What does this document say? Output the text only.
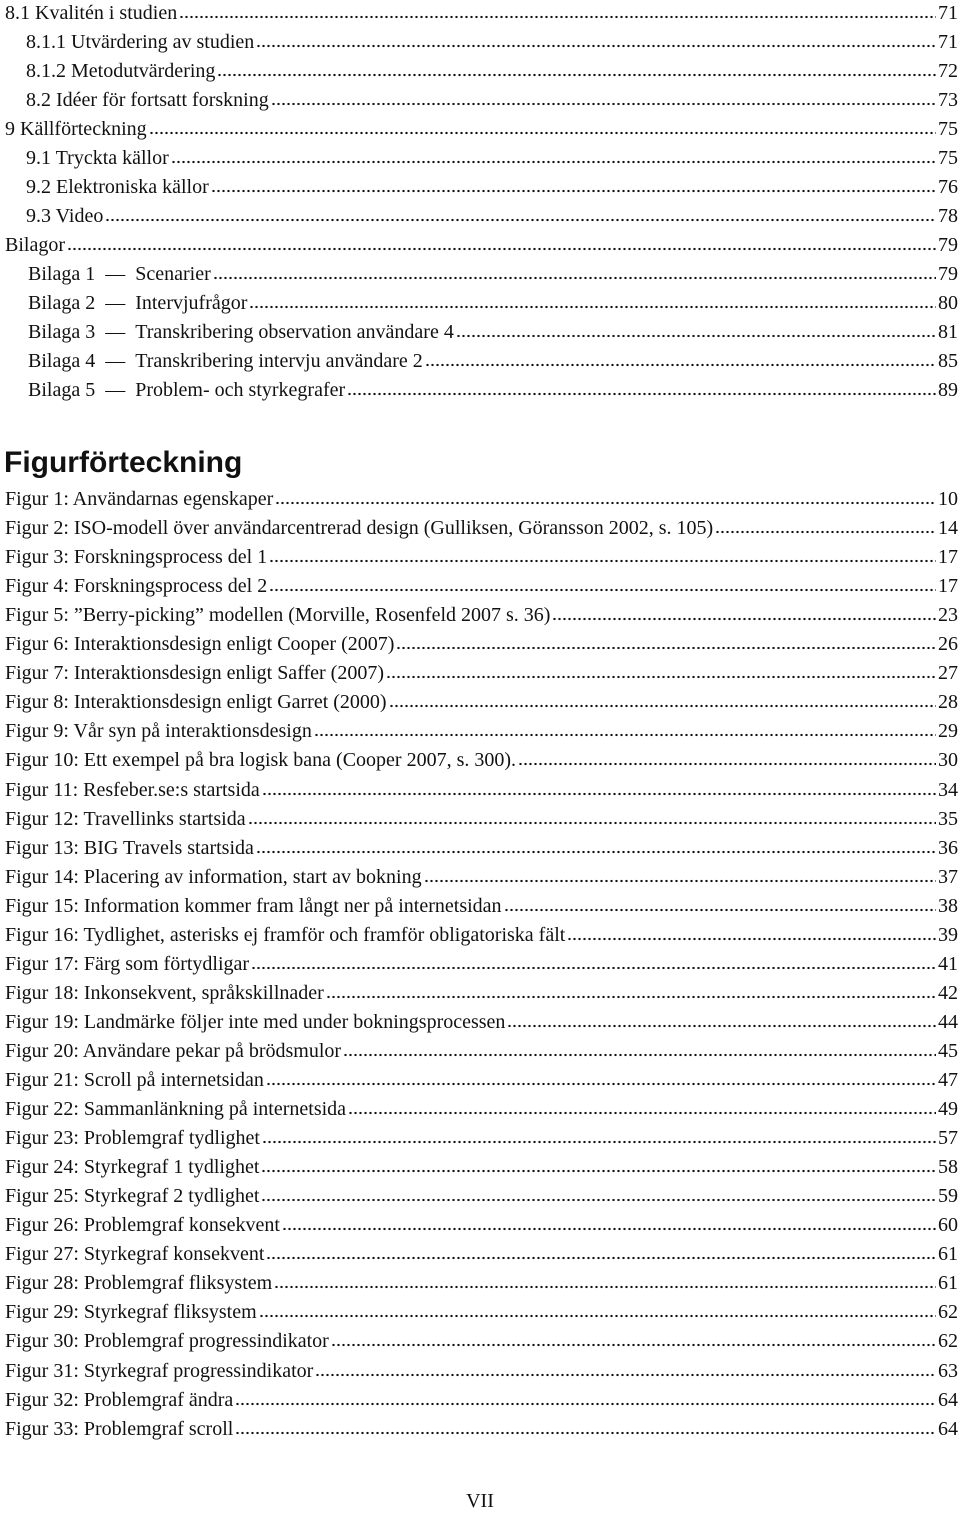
8.1 Kvalitén i studien	71
8.1.1 Utvärdering av studien	71
8.1.2 Metodutvärdering	72
8.2 Idéer för fortsatt forskning	73
9 Källförteckning	75
9.1 Tryckta källor	75
9.2 Elektroniska källor	76
9.3 Video	78
Bilagor	79
Bilaga 1 — Scenarier	79
Bilaga 2 — Intervjufrågor	80
Bilaga 3 — Transkribering observation användare 4	81
Bilaga 4 — Transkribering intervju användare 2	85
Bilaga 5 — Problem- och styrkegrafer	89
Figurförteckning
Figur 1: Användarnas egenskaper	10
Figur 2: ISO-modell över användarcentrerad design (Gulliksen, Göransson 2002, s. 105)	14
Figur 3: Forskningsprocess del 1	17
Figur 4: Forskningsprocess del 2	17
Figur 5: ”Berry-picking” modellen (Morville, Rosenfeld 2007 s. 36)	23
Figur 6: Interaktionsdesign enligt Cooper (2007)	26
Figur 7: Interaktionsdesign enligt Saffer (2007)	27
Figur 8: Interaktionsdesign enligt Garret (2000)	28
Figur 9: Vår syn på interaktionsdesign	29
Figur 10: Ett exempel på bra logisk bana (Cooper 2007, s. 300).	30
Figur 11: Resfeber.se:s startsida	34
Figur 12: Travellinks startsida	35
Figur 13: BIG Travels startsida	36
Figur 14: Placering av information, start av bokning	37
Figur 15: Information kommer fram långt ner på internetsidan	38
Figur 16: Tydlighet, asterisks ej framför och framför obligatoriska fält	39
Figur 17: Färg som förtydligar	41
Figur 18: Inkonsekvent, språkskillnader	42
Figur 19: Landmärke följer inte med under bokningsprocessen	44
Figur 20: Användare pekar på brödsmulor	45
Figur 21: Scroll på internetsidan	47
Figur 22: Sammanlänkning på internetsida	49
Figur 23: Problemgraf tydlighet	57
Figur 24: Styrkegraf 1 tydlighet	58
Figur 25: Styrkegraf 2 tydlighet	59
Figur 26: Problemgraf konsekvent	60
Figur 27: Styrkegraf konsekvent	61
Figur 28: Problemgraf fliksystem	61
Figur 29: Styrkegraf fliksystem	62
Figur 30: Problemgraf progressindikator	62
Figur 31: Styrkegraf progressindikator	63
Figur 32: Problemgraf ändra	64
Figur 33: Problemgraf scroll	64
VII
